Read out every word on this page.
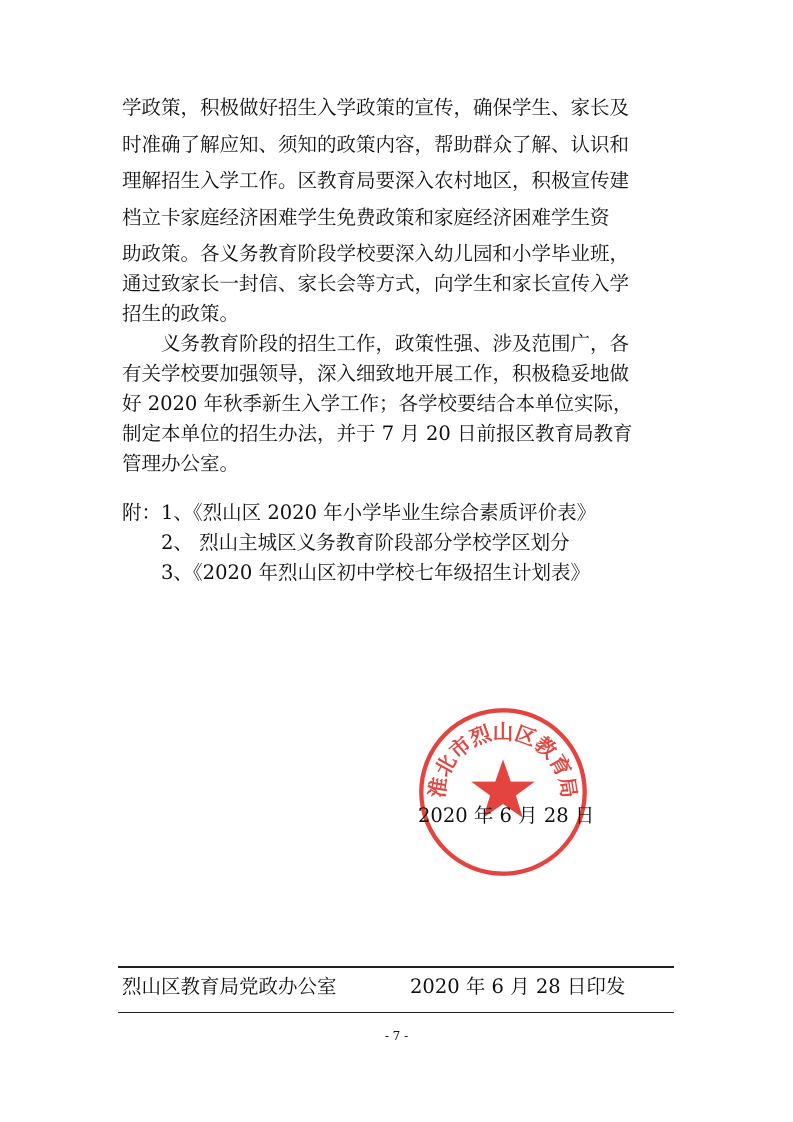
学政策，积极做好招生入学政策的宣传，确保学生、家长及
时准确了解应知、须知的政策内容，帮助群众了解、认识和
理解招生入学工作。区教育局要深入农村地区，积极宣传建
档立卡家庭经济困难学生免费政策和家庭经济困难学生资
助政策。各义务教育阶段学校要深入幼儿园和小学毕业班，
通过致家长一封信、家长会等方式，向学生和家长宣传入学
招生的政策。
　　义务教育阶段的招生工作，政策性强、涉及范围广，各
有关学校要加强领导，深入细致地开展工作，积极稳妥地做
好 2020 年秋季新生入学工作；各学校要结合本单位实际，
制定本单位的招生办法，并于 7 月 20 日前报区教育局教育
管理办公室。
附：1、《烈山区 2020 年小学毕业生综合素质评价表》
　　2、 烈山主城区义务教育阶段部分学校学区划分
　　3、《2020 年烈山区初中学校七年级招生计划表》
淮北市烈山区教育局
2020 年 6 月 28 日
烈山区教育局党政办公室	2020 年 6 月 28 日印发
- 7 -
